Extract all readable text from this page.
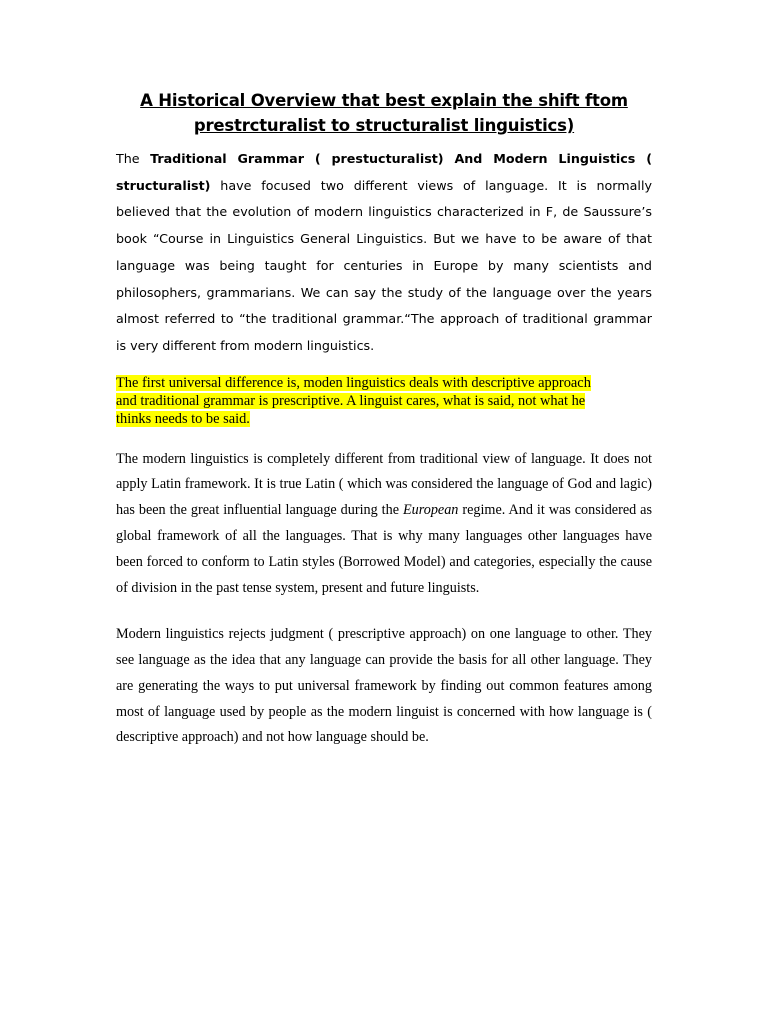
A Historical Overview that best explain the shift ftom
prestrcturalist to structuralist linguistics)

The Traditional Grammar ( prestucturalist) And Modern Linguistics ( structuralist) have focused two different views of language. It is normally believed that the evolution of modern linguistics characterized in F, de Saussure’s book “Course in Linguistics General Linguistics. But we have to be aware of that language was being taught for centuries in Europe by many scientists and philosophers, grammarians. We can say the study of the language over the years almost referred to “the traditional grammar.“The approach of traditional grammar is very different from modern linguistics.

The first universal difference is, moden linguistics deals with descriptive approach
and traditional grammar is prescriptive. A linguist cares, what is said, not what he
thinks needs to be said.

The modern linguistics is completely different from traditional view of language. It does not apply Latin framework. It is true Latin ( which was considered the language of God and lagic) has been the great influential language during the European regime. And it was considered as global framework of all the languages. That is why many languages other languages have been forced to conform to Latin styles (Borrowed Model) and categories, especially the cause of division in the past tense system, present and future linguists.

Modern linguistics rejects judgment ( prescriptive approach) on one language to other. They see language as the idea that any language can provide the basis for all other language. They are generating the ways to put universal framework by finding out common features among most of language used by people as the modern linguist is concerned with how language is ( descriptive approach) and not how language should be.
